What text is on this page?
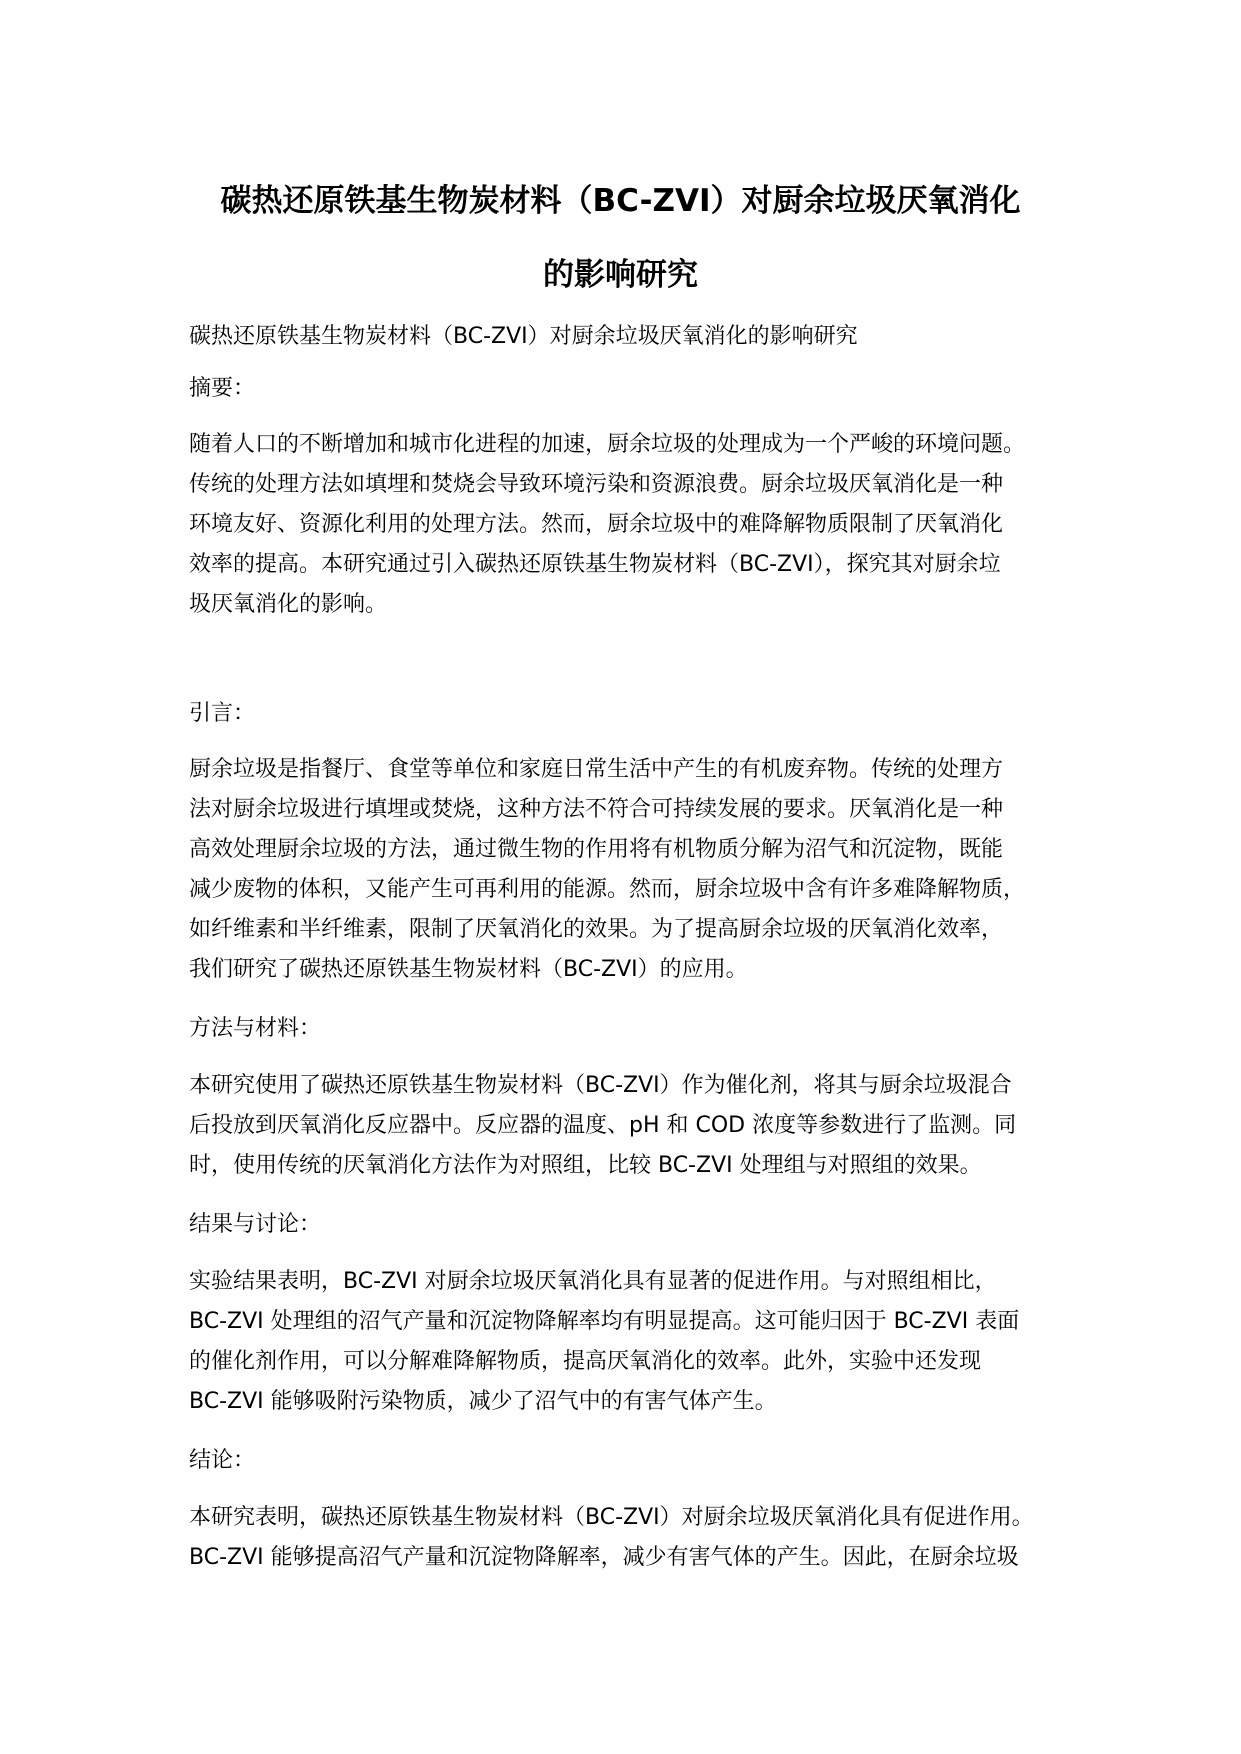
碳热还原铁基生物炭材料（BC-ZVI）对厨余垃圾厌氧消化
的影响研究

碳热还原铁基生物炭材料（BC-ZVI）对厨余垃圾厌氧消化的影响研究

摘要：

随着人口的不断增加和城市化进程的加速，厨余垃圾的处理成为一个严峻的环境问题。
传统的处理方法如填埋和焚烧会导致环境污染和资源浪费。厨余垃圾厌氧消化是一种
环境友好、资源化利用的处理方法。然而，厨余垃圾中的难降解物质限制了厌氧消化
效率的提高。本研究通过引入碳热还原铁基生物炭材料（BC-ZVI），探究其对厨余垃
圾厌氧消化的影响。

引言：

厨余垃圾是指餐厅、食堂等单位和家庭日常生活中产生的有机废弃物。传统的处理方
法对厨余垃圾进行填埋或焚烧，这种方法不符合可持续发展的要求。厌氧消化是一种
高效处理厨余垃圾的方法，通过微生物的作用将有机物质分解为沼气和沉淀物，既能
减少废物的体积，又能产生可再利用的能源。然而，厨余垃圾中含有许多难降解物质，
如纤维素和半纤维素，限制了厌氧消化的效果。为了提高厨余垃圾的厌氧消化效率，
我们研究了碳热还原铁基生物炭材料（BC-ZVI）的应用。

方法与材料：

本研究使用了碳热还原铁基生物炭材料（BC-ZVI）作为催化剂，将其与厨余垃圾混合
后投放到厌氧消化反应器中。反应器的温度、pH 和 COD 浓度等参数进行了监测。同
时，使用传统的厌氧消化方法作为对照组，比较 BC-ZVI 处理组与对照组的效果。

结果与讨论：

实验结果表明，BC-ZVI 对厨余垃圾厌氧消化具有显著的促进作用。与对照组相比，
BC-ZVI 处理组的沼气产量和沉淀物降解率均有明显提高。这可能归因于 BC-ZVI 表面
的催化剂作用，可以分解难降解物质，提高厌氧消化的效率。此外，实验中还发现
BC-ZVI 能够吸附污染物质，减少了沼气中的有害气体产生。

结论：

本研究表明，碳热还原铁基生物炭材料（BC-ZVI）对厨余垃圾厌氧消化具有促进作用。
BC-ZVI 能够提高沼气产量和沉淀物降解率，减少有害气体的产生。因此，在厨余垃圾
